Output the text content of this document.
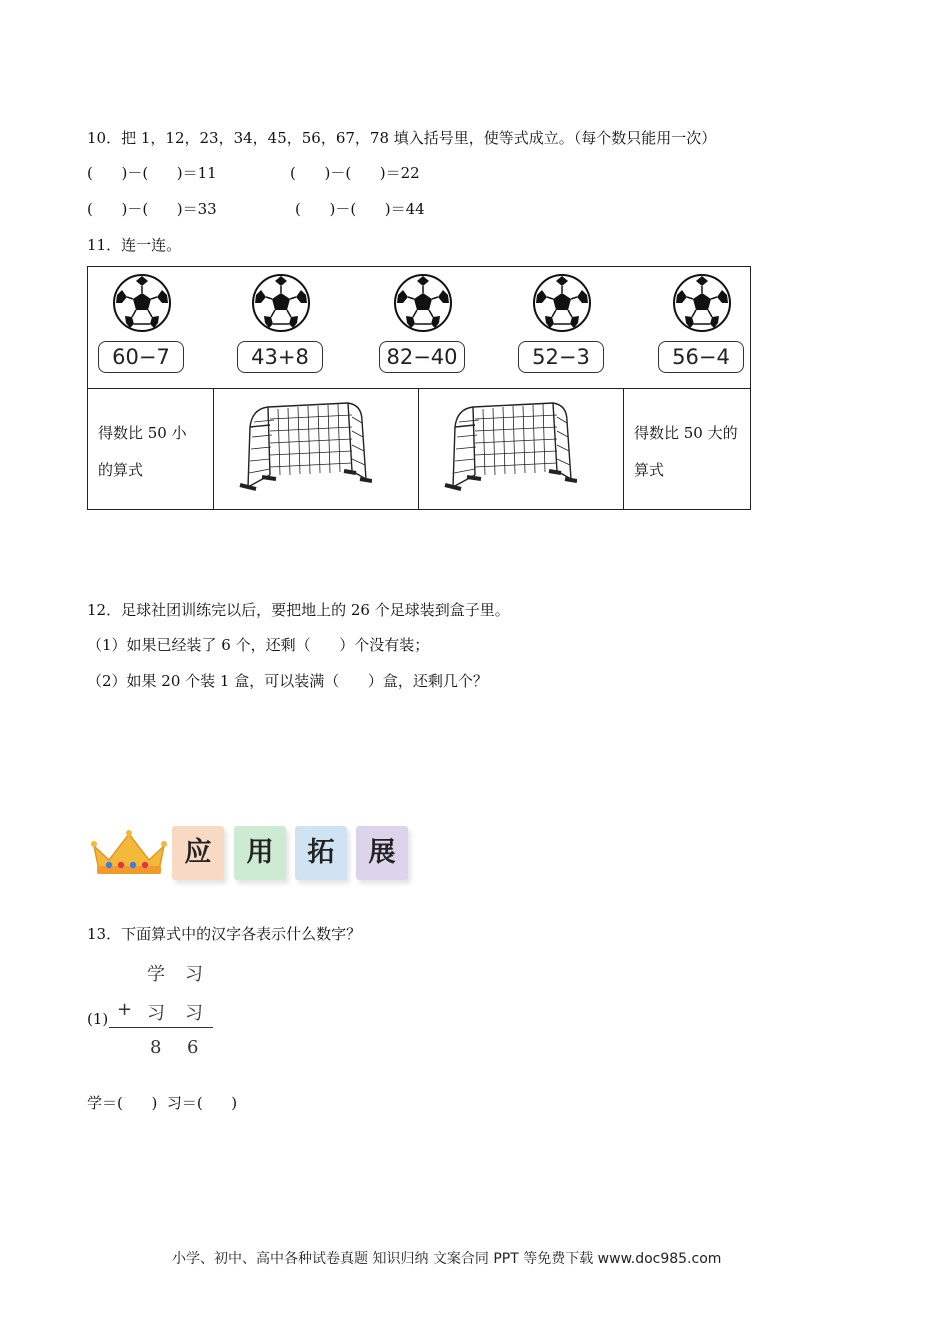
10．把 1，12，23，34，45，56，67，78 填入括号里，使等式成立。（每个数只能用一次）
(      )－(      )＝11	(      )－(      )＝22
(      )－(      )＝33	(      )－(      )＝44
11．连一连。
60−7	43+8	82−40	52−3	56−4
得数比 50 小
的算式
得数比 50 大的
算式
12．足球社团训练完以后，要把地上的 26 个足球装到盒子里。
（1）如果已经装了 6 个，还剩（      ）个没有装；
（2）如果 20 个装 1 盒，可以装满（      ）盒，还剩几个？
应	用	拓	展
13．下面算式中的汉字各表示什么数字？
学 习
(1) + 习 习
8 6
学＝(      )  习＝(      )
小学、初中、高中各种试卷真题 知识归纳 文案合同 PPT 等免费下载 www.doc985.com
